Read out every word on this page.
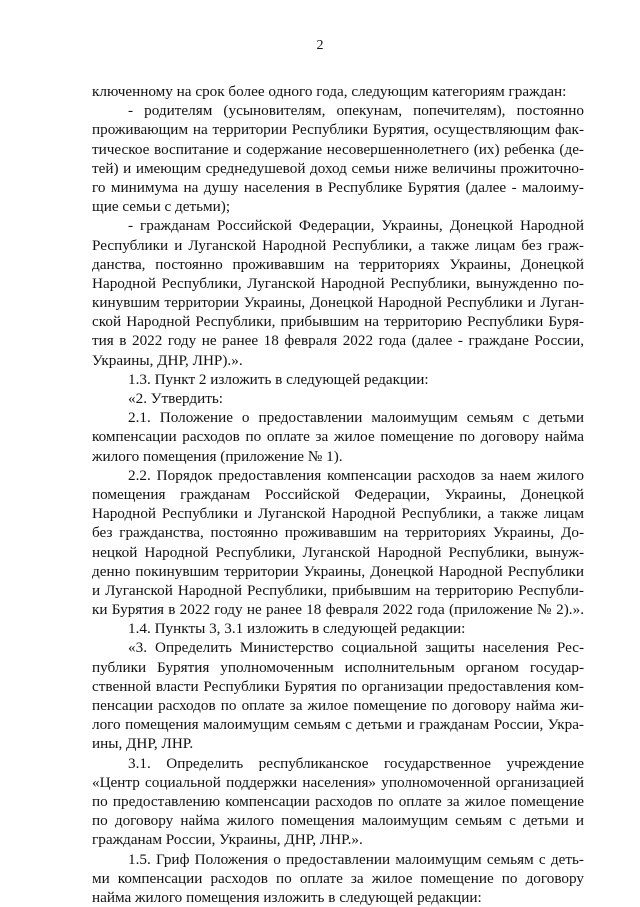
2
ключенному на срок более одного года, следующим категориям граждан:
- родителям (усыновителям, опекунам, попечителям), постоянно
проживающим на территории Республики Бурятия, осуществляющим фак-
тическое воспитание и содержание несовершеннолетнего (их) ребенка (де-
тей) и имеющим среднедушевой доход семьи ниже величины прожиточно-
го минимума на душу населения в Республике Бурятия (далее - малоиму-
щие семьи с детьми);
- гражданам Российской Федерации, Украины, Донецкой Народной
Республики и Луганской Народной Республики, а также лицам без граж-
данства, постоянно проживавшим на территориях Украины, Донецкой
Народной Республики, Луганской Народной Республики, вынужденно по-
кинувшим территории Украины, Донецкой Народной Республики и Луган-
ской Народной Республики, прибывшим на территорию Республики Буря-
тия в 2022 году не ранее 18 февраля 2022 года (далее - граждане России,
Украины, ДНР, ЛНР).».
1.3. Пункт 2 изложить в следующей редакции:
«2. Утвердить:
2.1. Положение о предоставлении малоимущим семьям с детьми
компенсации расходов по оплате за жилое помещение по договору найма
жилого помещения (приложение № 1).
2.2. Порядок предоставления компенсации расходов за наем жилого
помещения гражданам Российской Федерации, Украины, Донецкой
Народной Республики и Луганской Народной Республики, а также лицам
без гражданства, постоянно проживавшим на территориях Украины, До-
нецкой Народной Республики, Луганской Народной Республики, вынуж-
денно покинувшим территории Украины, Донецкой Народной Республики
и Луганской Народной Республики, прибывшим на территорию Республи-
ки Бурятия в 2022 году не ранее 18 февраля 2022 года (приложение № 2).».
1.4. Пункты 3, 3.1 изложить в следующей редакции:
«3. Определить Министерство социальной защиты населения Рес-
публики Бурятия уполномоченным исполнительным органом государ-
ственной власти Республики Бурятия по организации предоставления ком-
пенсации расходов по оплате за жилое помещение по договору найма жи-
лого помещения малоимущим семьям с детьми и гражданам России, Укра-
ины, ДНР, ЛНР.
3.1. Определить республиканское государственное учреждение
«Центр социальной поддержки населения» уполномоченной организацией
по предоставлению компенсации расходов по оплате за жилое помещение
по договору найма жилого помещения малоимущим семьям с детьми и
гражданам России, Украины, ДНР, ЛНР.».
1.5. Гриф Положения о предоставлении малоимущим семьям с деть-
ми компенсации расходов по оплате за жилое помещение по договору
найма жилого помещения изложить в следующей редакции:
